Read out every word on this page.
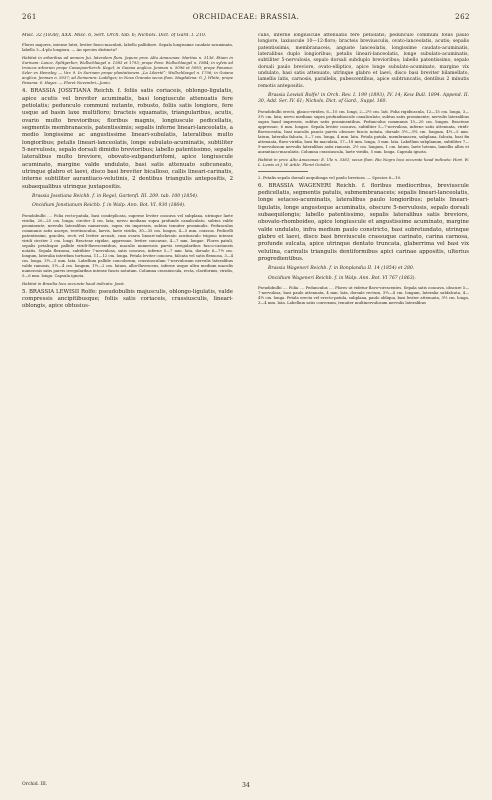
261	ORCHIDACEAE: BRASSIA.	262

Misc. 32 (1838), XXX. Misc. 6, Sert. Orch. tab. 6; Nicholx. Dict. of Gard. I. 210.

Flores majores, intense lutei, leviter fusco-maculati, labello pallidiore. Sepala longissime caudato-acuminata, labello 3—4-plo longiora. — An species distincta?

Habitat in arboribus ad amnem Jui, lateralem flum. Japura prov. Alto Amazonas: Martius n. 3136. Etiam in Surinam: Lance, Splitgerber, Wullschlaegel n. 1583 et 1793; prope Para: Wullschlaegel n. 1884; in sylvis ad truncos arborum prope Cassepoerherch: Kegel; in Guiana anglica: Jenman n. 5096 et 5093; prope Panama: Seler ex Hemsley. — Var. 9. In Surinam prope plantationem „La Liberté“: Wullschlaegel n. 1706; in Guiana anglica: Jenman n. 5037; ad Demerara: Loddiges; in Nova Granata secus flum. Magdalena: G. J. White; prope Panama: S. Hayes. — Floret Novembri—Junio.

4. BRASSIA JOSSTIANA Reichb. f. foliis satis coriaceis, oblongo-ligulatis, apice acutis vel breviter acuminatis, basi longiuscule attenuatis fere petiolatis; pedunculo communi nutante, robusto, foliis satis longiore, fere usque ad basin laxe multifloro; bracteis squamatis, triangularibus, acutis, ovario multo brevioribus; floribus magnis, longiuscule pedicellatis, segmentis membranaceis, patentissimis; sepalis inferne lineari-lanceolatis, a medio longissime ac angustissime lineari-subulatis, lateralibus multo longioribus; petalis lineari-lanceolatis, longe subulato-acuminatis, subtiliter 5-nervulosis, sepalo dorsali dimidio brevioribus; labello patentissimo, sepalis lateralibus multo breviore, obovato-subpandurifomi, apice longiuscule acuminato, margine valde undulato, basi satis attenuato subcuneato, utrinque glabro et laevi, disco basi breviter bicalloso, callis lineari-carinatis, interne subtiliter aurantiaco-velutinis, 2 dentibus triangulis antepositis, 2 subaequalibus utrinque juxtapositis.

Brassia Josstiana Reichb. f. in Regel, Gartenfl. III. 209. tab. 100 (1854).

Oncidium Jonstianum Reichb. f. in Walp. Ann. Bot. VI. 930 (1864).

Pseudobulbi .... Folia recto-patula, basi condeplicata, superne leviter concava vel subplana, utrinque laete viridia, 20—25 cm. longa, circiter 4 cm. lata; nervo medianо supra profunde canaliculato, subtus valde prominente; nervulis lateralibus numerosis, supra vix impressis, subtus tenuiter prominulis. Pedunculus communis satis anceps, teretiusculus, laevis, laete viridis, 30—35 cm. longus, 4—5 mm. crassus. Pedicelli patentissimi, graciles, recti vel leviter arcuati, cum ovario lineari-subclavato acutiusculo trigono intense viridi circiter 2 cm. longi. Bracteae rigidae, appressae, leviter concavae, 4—7 mm. longae. Flores patuli, sepalis petalisque pallide viridi-flavescentibus, maculis numerosis parvis irregularibus fusco-castaneis notatis. Sepala flexuosa, subtiliter 7-nervulosa, satis concava, inferne 5—7 mm. lata, dorsale 6—7½ cm. longum, lateralia interdum tortuosa, 11—12 cm. longa. Petala leviter concava, falcata vel satis flexuosa, 3—4 cm. longa, 3½—5 mm. lata. Labellum pallide concolorum, crassiusculum 7-nervulosum nervulis lateralibus valde ramosis, 3½—4 cm. longum, 1½—2 cm. latum, albo-flavescens, inferne usque ultra medium maculis numerosis satis parvis irregularibus intense fuscis notatum. Columna crassiuscula, recta, claviformis, viridis, 5—6 mm. longa. Capsula ignota.

Habitat in Brasilia loco accurate haud indicato: Josst.

5. BRASSIA LEWISII Rolfe: pseudobulbis majusculis, oblongo-ligulatis, valde compressis ancipitibusque; foliis satis coriaceis, crassiusculis, lineari-oblongis, apice obtusius-

culis, inferne longiuscule attenuatis fere petiolatis; pedunculo communi foliis paulo longiore, laxiuscule 10—12-floro; bracteis breviusculis, ovato-lanceolatis, acutis; sepalis patentissimis, membranaceis, anguste lanceolatis, longissime caudato-acuminatis, lateralibus duplo longioribus; petalis lineari-lanceolatis, longe subulato-acuminatis, subtiliter 5-nervulosis, sepalo dorsali subduplo brevioribus; labello patentissimo, sepalo dorsali paulo breviore, ovato-elliptico, apice longe subulato-acuminato, margine vix undulato, basi satis attenuato, utrinque glabro et laevi, disco basi breviter bilamellato, lamellis latis, carnosis, parallelis, pubescentibus, apice subtruncatis, dentibus 2 minutis remotis antepositis.

Brassia Lewisii Rolfe! in Orch. Rev. I. 199 (1893), IV. 14; Kew Bull. 1894. Append. II. 30, Add. Ser. IV. 61; Nichols. Dict. of Gard., Suppl. 160.

Pseudobulbi erecti, glauco-virides, 6—10 cm. longi, 2—2½ cm. lati. Folia rigidiuscula, 12—15 cm. longa, 3—3½ cm. lata; nervo mediano supra profundiuscule canaliculato, subtus satis prominente; nervulis lateralibus supra haud impressis, subtus satis prominentibus. Pedunculus communis 15—20 cm. longus. Bracteae appressae, 6 mm. longae. Sepala leviter concava, subtiliter 5—7-nervulosa, inferne satis attenuata, viridi-flavescentia, basi maculis paucis parvis obscure fuscis notata, dorsale 3½—3¾ cm. longum, 4½—5 mm. latum, lateralia falcata, 5—7 cm. longa, 4 mm. lata. Petala patula, membranacea, subplana, falcata, basi fix attenuata, flavo-viridia, basi fix maculata, 17—18 mm. longa, 3 mm. lata. Labellum subplanum, subtiliter 7—9-nervulosum nervulis lateralibus satis ramosis, 2½ cm. longum, 1 cm. latum, laete luteum, lamellis albis et aurantiaco-maculatis. Columna crassiuscula, laete viridis, 5 mm. longa. Capsula ignota.

Habitat in prov. Alto Amazonas: E. Ule n. 5361; secus flum. Rio Negro loco accurate haud indicato: Hort. W. L. Lewis et J. W. Arkle. Floret Octobri.

2. Petalis sepalo dorsali aequilonga vel paulo breviora. — Species 6—10.

6. BRASSIA WAGENERI Reichb. f. floribus mediocribus, breviuscule pedicellatis, segmentis patulis, submembranaceis; sepalis lineari-lanceolatis, longe setaceo-acuminatis, lateralibus paulo longioribus; petalis lineari-ligulatis, longe angusteque acuminatis, obscure 5-nervulosis, sepalo dorsali subaequilongis; labello patentissimo, sepalis lateralibus satis breviore, obovato-rhomboideo, apice longiuscule et angustissime acuminato, margine valde undulato, infra medium paulo constricto, basi subretundato, utrinque glabro et laevi, disco basi breviuscule crassuque carinato, carina carnosa, profunde sulcata, apice utrinque dentato truncata, glaberrima vel basi vix velutina, carinulis triangulis dentiformibus apici carinae appositis, ulterius progredientibus.

Brassia Wageneri Reichb. f. in Bonplandia II. 14 (1854) et 280.

Oncidium Wageneri Reichb. f. in Walp. Ann. Bot. VI 767 (1863).

Pseudobulbi .... Folia .... Pedunculus .... Flores ut videtur flavo-virescentes. Sepala satis concava, obscure 5—7-nervulosa, basi paulo attenuata, 4 mm. lata, dorsale rectum, 3½—4 cm. longum, lateralia subfalcata, 4—4½ cm. longa. Petala erecta vel erecto-patula, subplana, paulo obliqua, basi leviter attenuata, 3½ cm. longa, 3—4 mm. lata. Labellum satis convexum, tenuiter multinervulosum nervulis lateralibus

Orchid. III.	34
